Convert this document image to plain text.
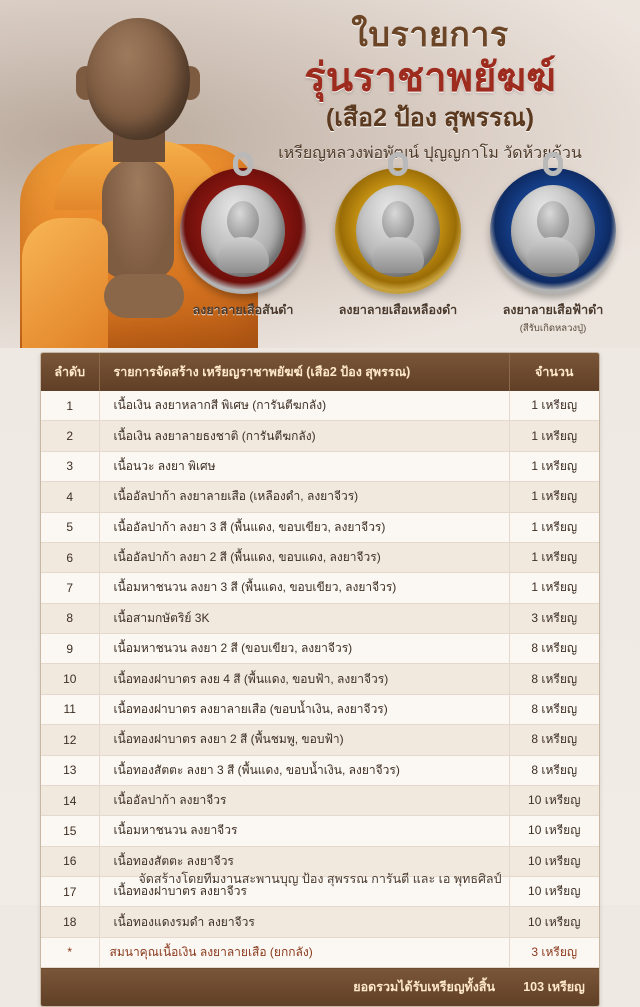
ใบรายการ
รุ่นราชาพยัฆฆ์
(เสือ2 ป้อง สุพรรณ)
เหรียญหลวงพ่อพัฒน์ ปุญญกาโม วัดห้วยด้วน
ลงยาลายเสือสันดำ	ลงยาลายเสือเหลืองดำ	ลงยาลายเสือฟ้าดำ
(สีรับเกิดหลวงปู่)
ลำดับ	รายการจัดสร้าง เหรียญราชาพยัฆฆ์ (เสือ2 ป้อง สุพรรณ)	จำนวน
1	เนื้อเงิน ลงยาหลากสี พิเศษ (การันตีฆกลัง)	1 เหรียญ
2	เนื้อเงิน ลงยาลายธงชาติ (การันตีฆกลัง)	1 เหรียญ
3	เนื้อนวะ ลงยา พิเศษ	1 เหรียญ
4	เนื้ออัลปาก้า ลงยาลายเสือ (เหลืองดำ, ลงยาจีวร)	1 เหรียญ
5	เนื้ออัลปาก้า ลงยา 3 สี (พื้นแดง, ขอบเขียว, ลงยาจีวร)	1 เหรียญ
6	เนื้ออัลปาก้า ลงยา 2 สี (พื้นแดง, ขอบแดง, ลงยาจีวร)	1 เหรียญ
7	เนื้อมหาชนวน ลงยา 3 สี (พื้นแดง, ขอบเขียว, ลงยาจีวร)	1 เหรียญ
8	เนื้อสามกษัตริย์ 3K	3 เหรียญ
9	เนื้อมหาชนวน ลงยา 2 สี (ขอบเขียว, ลงยาจีวร)	8 เหรียญ
10	เนื้อทองฝาบาตร ลงย 4 สี (พื้นแดง, ขอบฟ้า, ลงยาจีวร)	8 เหรียญ
11	เนื้อทองฝาบาตร ลงยาลายเสือ (ขอบน้ำเงิน, ลงยาจีวร)	8 เหรียญ
12	เนื้อทองฝาบาตร ลงยา 2 สี (พื้นชมพู, ขอบฟ้า)	8 เหรียญ
13	เนื้อทองสัตตะ ลงยา 3 สี (พื้นแดง, ขอบน้ำเงิน, ลงยาจีวร)	8 เหรียญ
14	เนื้ออัลปาก้า ลงยาจีวร	10 เหรียญ
15	เนื้อมหาชนวน ลงยาจีวร	10 เหรียญ
16	เนื้อทองสัตตะ ลงยาจีวร	10 เหรียญ
17	เนื้อทองฝาบาตร ลงยาจีวร	10 เหรียญ
18	เนื้อทองแดงรมดำ ลงยาจีวร	10 เหรียญ
*	สมนาคุณเนื้อเงิน ลงยาลายเสือ (ยกกลัง)	3 เหรียญ
	ยอดรวมได้รับเหรียญทั้งสิ้น	103 เหรียญ
จัดสร้างโดยทีมงานสะพานบุญ ป้อง สุพรรณ การันตี และ เอ พุทธศิลป์
